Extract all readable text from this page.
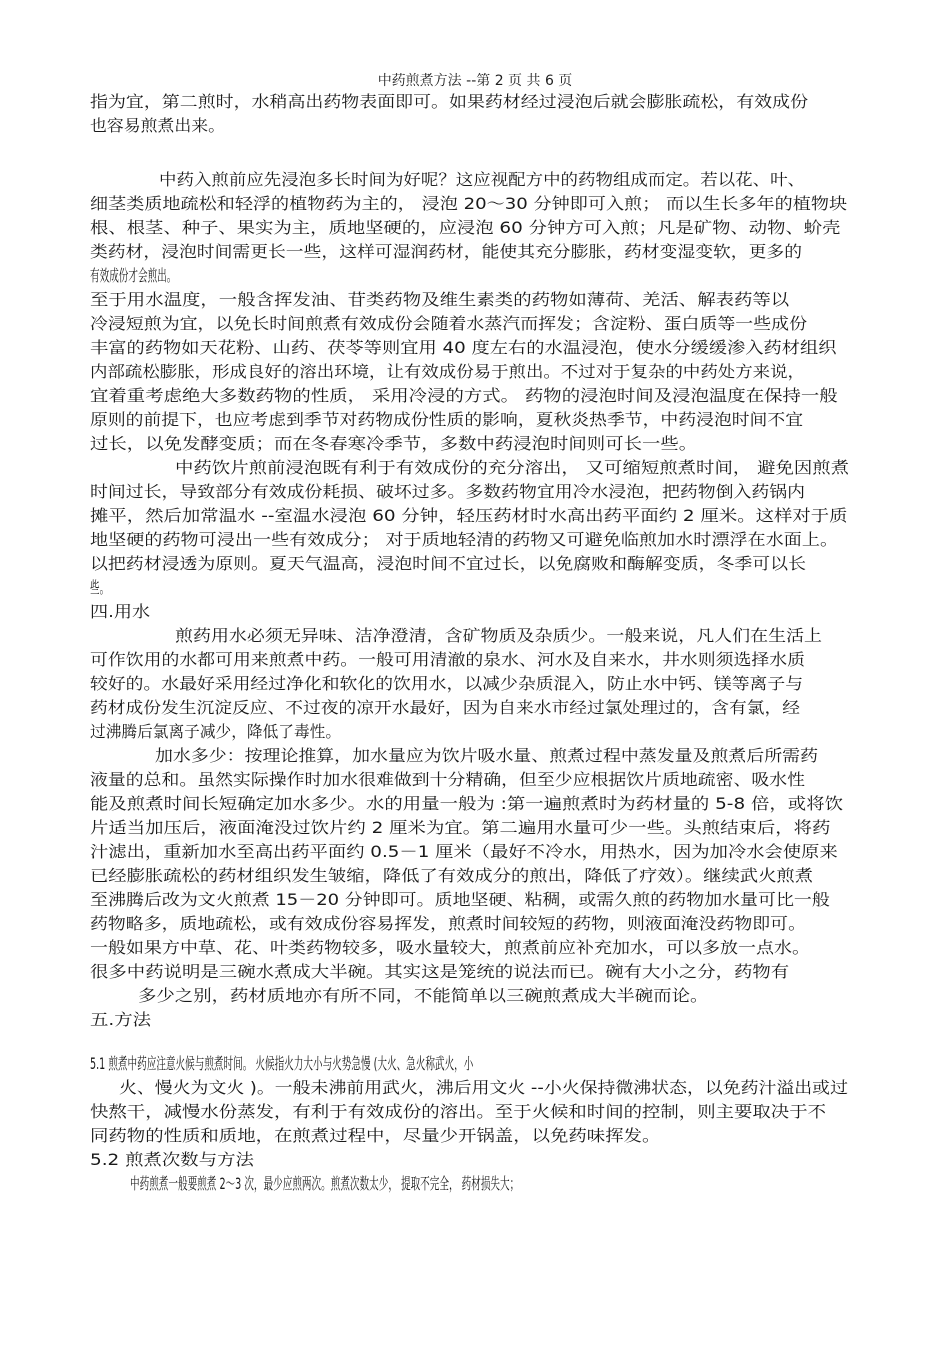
中药煎煮方法 --第 2 页 共 6 页
指为宜，第二煎时，水稍高出药物表面即可。如果药材经过浸泡后就会膨胀疏松，有效成份
也容易煎煮出来。
中药入煎前应先浸泡多长时间为好呢？这应视配方中的药物组成而定。若以花、叶、
细茎类质地疏松和轻浮的植物药为主的， 浸泡 20～30 分钟即可入煎； 而以生长多年的植物块
根、根茎、种子、果实为主，质地坚硬的，应浸泡 60 分钟方可入煎；凡是矿物、动物、蚧壳
类药材，浸泡时间需更长一些，这样可湿润药材，能使其充分膨胀，药材变湿变软，更多的
有效成份才会煎出。
至于用水温度，一般含挥发油、苷类药物及维生素类的药物如薄荷、羌活、解表药等以
冷浸短煎为宜，以免长时间煎煮有效成份会随着水蒸汽而挥发；含淀粉、蛋白质等一些成份
丰富的药物如天花粉、山药、茯苓等则宜用 40 度左右的水温浸泡，使水分缓缓渗入药材组织
内部疏松膨胀，形成良好的溶出环境，让有效成份易于煎出。不过对于复杂的中药处方来说，
宜着重考虑绝大多数药物的性质， 采用冷浸的方式。 药物的浸泡时间及浸泡温度在保持一般
原则的前提下，也应考虑到季节对药物成份性质的影响，夏秋炎热季节，中药浸泡时间不宜
过长，以免发酵变质；而在冬春寒冷季节，多数中药浸泡时间则可长一些。
中药饮片煎前浸泡既有利于有效成份的充分溶出， 又可缩短煎煮时间， 避免因煎煮
时间过长，导致部分有效成份耗损、破坏过多。多数药物宜用冷水浸泡，把药物倒入药锅内
摊平，然后加常温水 --室温水浸泡 60 分钟，轻压药材时水高出药平面约 2 厘米。这样对于质
地坚硬的药物可浸出一些有效成分； 对于质地轻清的药物又可避免临煎加水时漂浮在水面上。
以把药材浸透为原则。夏天气温高，浸泡时间不宜过长，以免腐败和酶解变质，冬季可以长
些。
四.用水
煎药用水必须无异味、洁净澄清，含矿物质及杂质少。一般来说，凡人们在生活上
可作饮用的水都可用来煎煮中药。一般可用清澈的泉水、河水及自来水，井水则须选择水质
较好的。水最好采用经过净化和软化的饮用水，以减少杂质混入，防止水中钙、镁等离子与
药材成份发生沉淀反应、不过夜的凉开水最好，因为自来水市经过氯处理过的，含有氯，经
过沸腾后氯离子减少，降低了毒性。
加水多少：按理论推算，加水量应为饮片吸水量、煎煮过程中蒸发量及煎煮后所需药
液量的总和。虽然实际操作时加水很难做到十分精确，但至少应根据饮片质地疏密、吸水性
能及煎煮时间长短确定加水多少。水的用量一般为 :第一遍煎煮时为药材量的 5-8 倍，或将饮
片适当加压后，液面淹没过饮片约 2 厘米为宜。第二遍用水量可少一些。头煎结束后，将药
汁滤出，重新加水至高出药平面约 0.5－1 厘米（最好不冷水，用热水，因为加冷水会使原来
已经膨胀疏松的药材组织发生皱缩，降低了有效成分的煎出，降低了疗效）。继续武火煎煮
至沸腾后改为文火煎煮 15－20 分钟即可。质地坚硬、粘稠，或需久煎的药物加水量可比一般
药物略多，质地疏松，或有效成份容易挥发，煎煮时间较短的药物，则液面淹没药物即可。
一般如果方中草、花、叶类药物较多，吸水量较大，煎煮前应补充加水，可以多放一点水。
很多中药说明是三碗水煮成大半碗。其实这是笼统的说法而已。碗有大小之分，药物有
多少之别，药材质地亦有所不同，不能简单以三碗煎煮成大半碗而论。
五.方法
5.1 煎煮中药应注意火候与煎煮时间。 火候指火力大小与火势急慢 (大火、急火称武火，小
火、慢火为文火 )。一般未沸前用武火，沸后用文火 --小火保持微沸状态，以免药汁溢出或过
快熬干，减慢水份蒸发，有利于有效成份的溶出。至于火候和时间的控制，则主要取决于不
同药物的性质和质地，在煎煮过程中，尽量少开锅盖，以免药味挥发。
5.2 煎煮次数与方法
中药煎煮一般要煎煮 2～3 次，最少应煎两次。煎煮次数太少， 提取不完全， 药材损失大；
